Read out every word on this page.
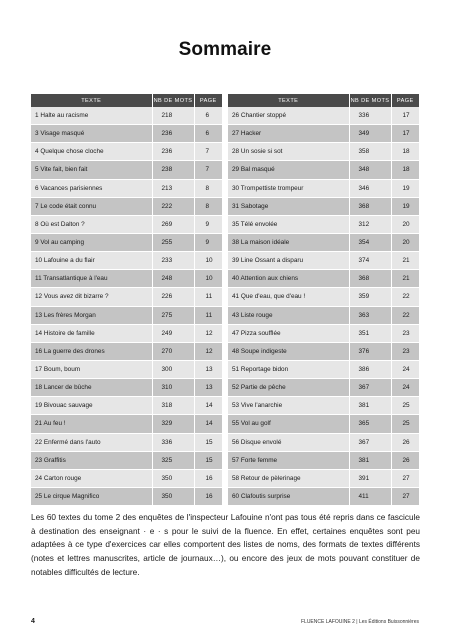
Sommaire
TEXTE	NB DE MOTS	PAGE
1 Halte au racisme	218	6
3 Visage masqué	236	6
4 Quelque chose cloche	236	7
5 Vite fait, bien fait	238	7
6 Vacances parisiennes	213	8
7 Le code était connu	222	8
8 Où est Dalton ?	269	9
9 Vol au camping	255	9
10 Lafouine a du flair	233	10
11 Transatlantique à l'eau	248	10
12 Vous avez dit bizarre ?	226	11
13 Les frères Morgan	275	11
14 Histoire de famille	249	12
16 La guerre des drones	270	12
17 Boum, boum	300	13
18 Lancer de bûche	310	13
19 Bivouac sauvage	318	14
21 Au feu !	329	14
22 Enfermé dans l'auto	336	15
23 Graffitis	325	15
24 Carton rouge	350	16
25 Le cirque Magnifico	350	16
TEXTE	NB DE MOTS	PAGE
26 Chantier stoppé	336	17
27 Hacker	349	17
28 Un sosie si sot	358	18
29 Bal masqué	348	18
30 Trompettiste trompeur	346	19
31 Sabotage	368	19
35 Télé envolée	312	20
38 La maison idéale	354	20
39 Line Ossant a disparu	374	21
40 Attention aux chiens	368	21
41 Que d'eau, que d'eau !	359	22
43 Liste rouge	363	22
47 Pizza soufflée	351	23
48 Soupe indigeste	376	23
51 Reportage bidon	386	24
52 Partie de pêche	367	24
53 Vive l'anarchie	381	25
55 Vol au golf	365	25
56 Disque envolé	367	26
57 Forte femme	381	26
58 Retour de pèlerinage	391	27
60 Clafoutis surprise	411	27

Les 60 textes du tome 2 des enquêtes de l'inspecteur Lafouine n'ont pas tous été repris dans ce fascicule à destination des enseignant · e · s pour le suivi de la fluence. En effet, certaines enquêtes sont peu adaptées à ce type d'exercices car elles comportent des listes de noms, des formats de textes différents (notes et lettres manuscrites, article de journaux…), ou encore des jeux de mots pouvant constituer de notables difficultés de lecture.

4	FLUENCE LAFOUINE 2 | Les Éditions Buissonnières
